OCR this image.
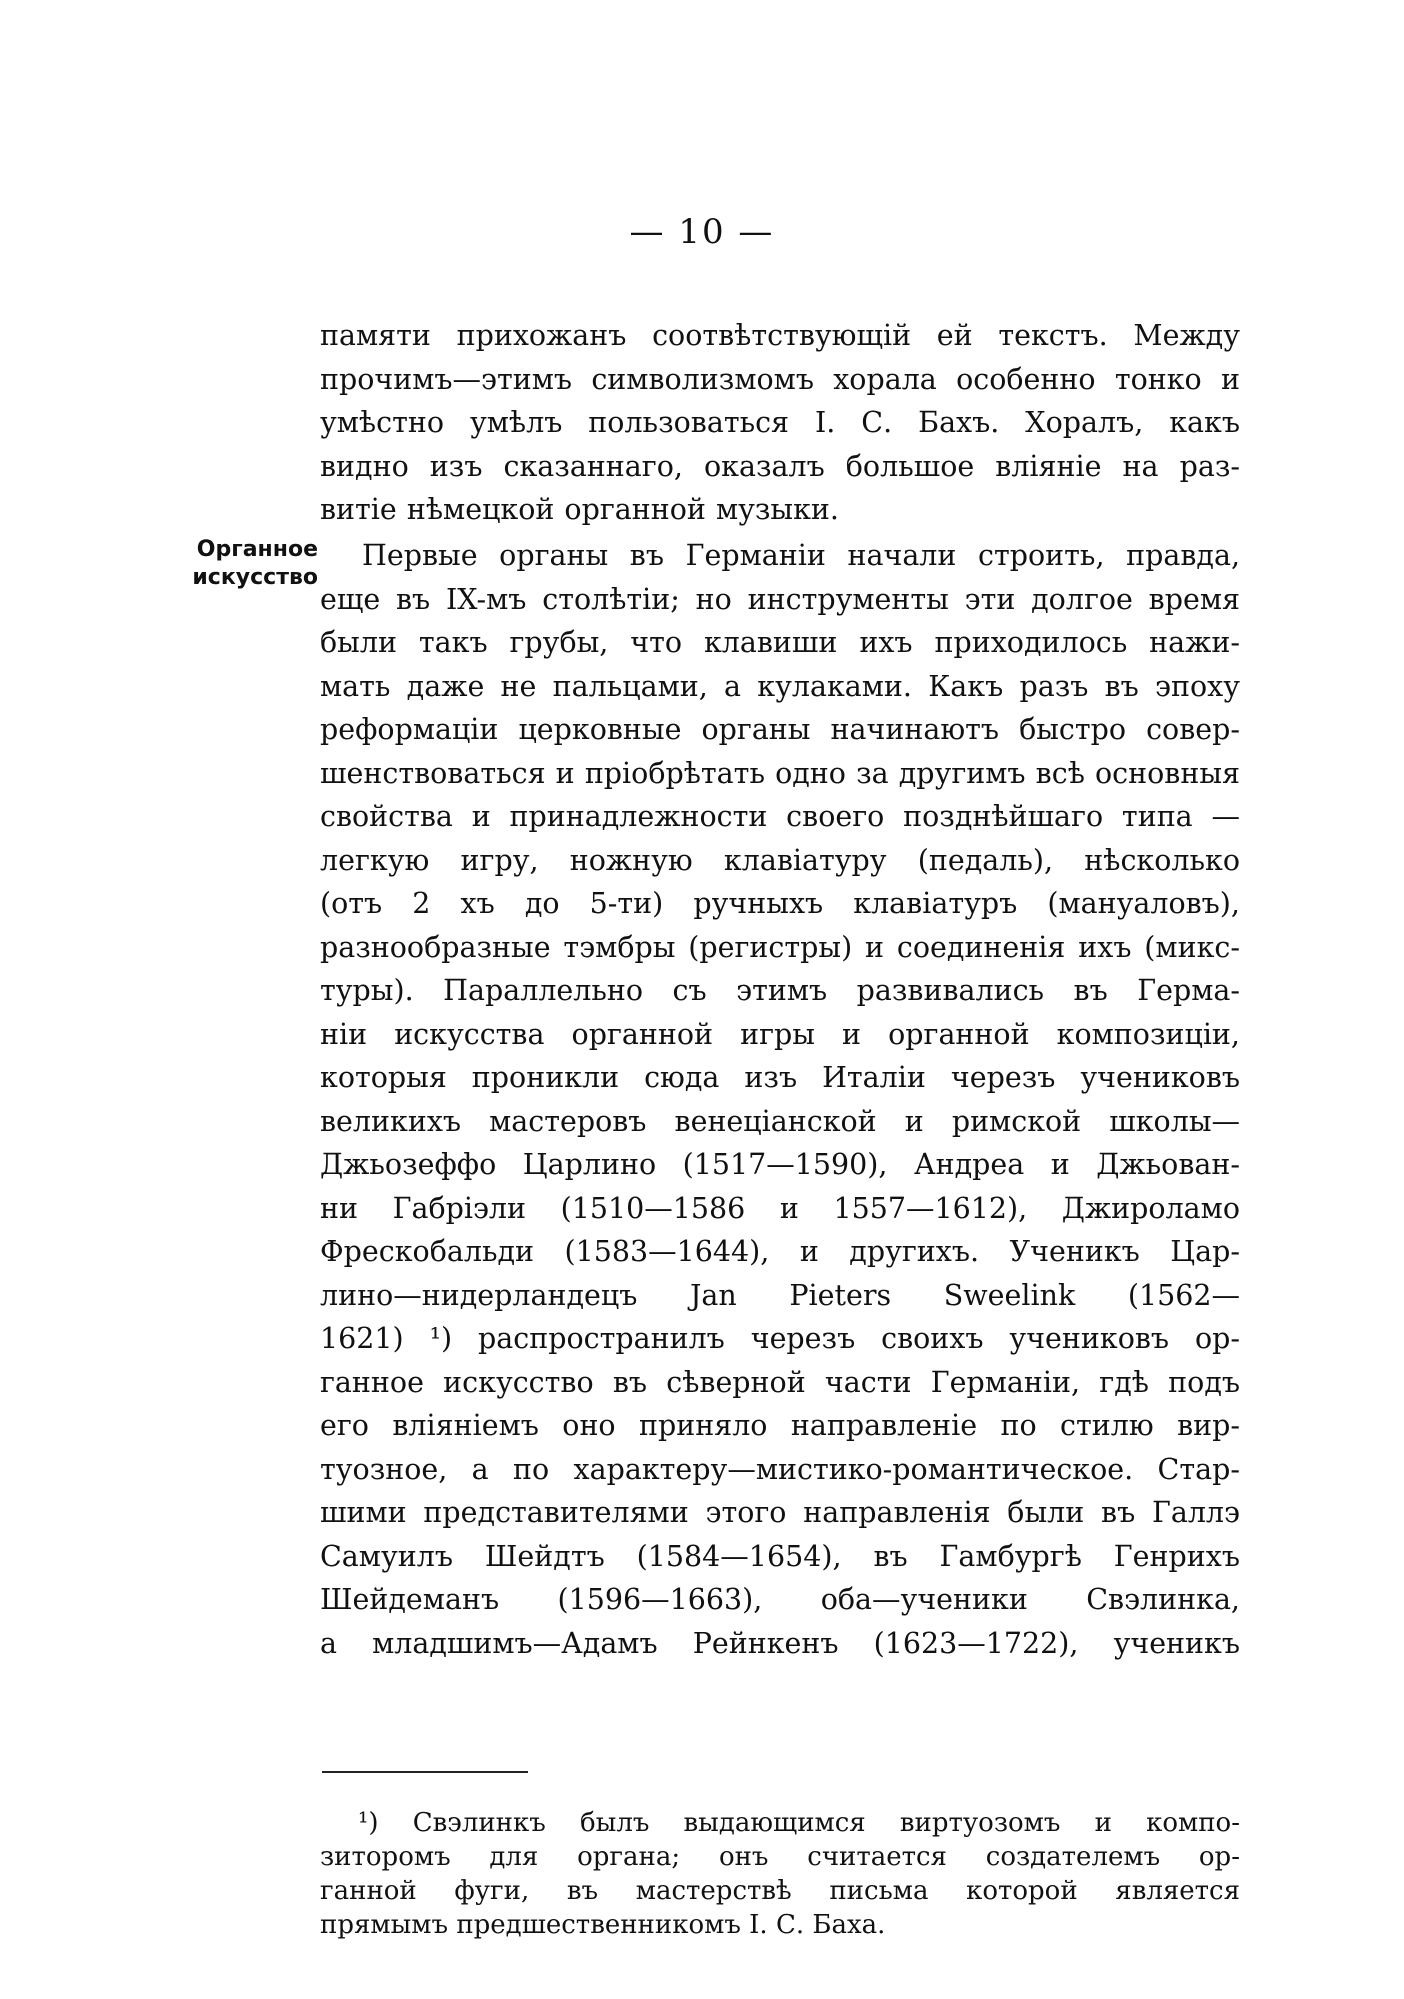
— 10 —
памяти прихожанъ соотвѣтствующій ей текстъ. Между
прочимъ—этимъ символизмомъ хорала особенно тонко и
умѣстно умѣлъ пользоваться І. С. Бахъ. Хоралъ, какъ
видно изъ сказаннаго, оказалъ большое вліяніе на раз-
витіе нѣмецкой органной музыки.
Органное
искусство
Первые органы въ Германіи начали строить, правда,
еще въ IX-мъ столѣтіи; но инструменты эти долгое время
были такъ грубы, что клавиши ихъ приходилось нажи-
мать даже не пальцами, а кулаками. Какъ разъ въ эпоху
реформаціи церковные органы начинаютъ быстро совер-
шенствоваться и пріобрѣтать одно за другимъ всѣ основныя
свойства и принадлежности своего позднѣйшаго типа —
легкую игру, ножную клавіатуру (педаль), нѣсколько
(отъ 2 хъ до 5-ти) ручныхъ клавіатуръ (мануаловъ),
разнообразные тэмбры (регистры) и соединенія ихъ (микс-
туры). Параллельно съ этимъ развивались въ Герма-
ніи искусства органной игры и органной композиціи,
которыя проникли сюда изъ Италіи черезъ учениковъ
великихъ мастеровъ венеціанской и римской школы—
Джьозеффо Царлино (1517—1590), Андреа и Джьован-
ни Габріэли (1510—1586 и 1557—1612), Джироламо
Фрескобальди (1583—1644), и другихъ. Ученикъ Цар-
лино—нидерландецъ Jan Pieters Sweelink (1562—
1621) ¹) распространилъ черезъ своихъ учениковъ ор-
ганное искусство въ сѣверной части Германіи, гдѣ подъ
его вліяніемъ оно приняло направленіе по стилю вир-
туозное, а по характеру—мистико-романтическое. Стар-
шими представителями этого направленія были въ Галлэ
Самуилъ Шейдтъ (1584—1654), въ Гамбургѣ Генрихъ
Шейдеманъ (1596—1663), оба—ученики Свэлинка,
а младшимъ—Адамъ Рейнкенъ (1623—1722), ученикъ
¹) Свэлинкъ былъ выдающимся виртуозомъ и компо-
зиторомъ для органа; онъ считается создателемъ ор-
ганной фуги, въ мастерствѣ письма которой является
прямымъ предшественникомъ І. С. Баха.
